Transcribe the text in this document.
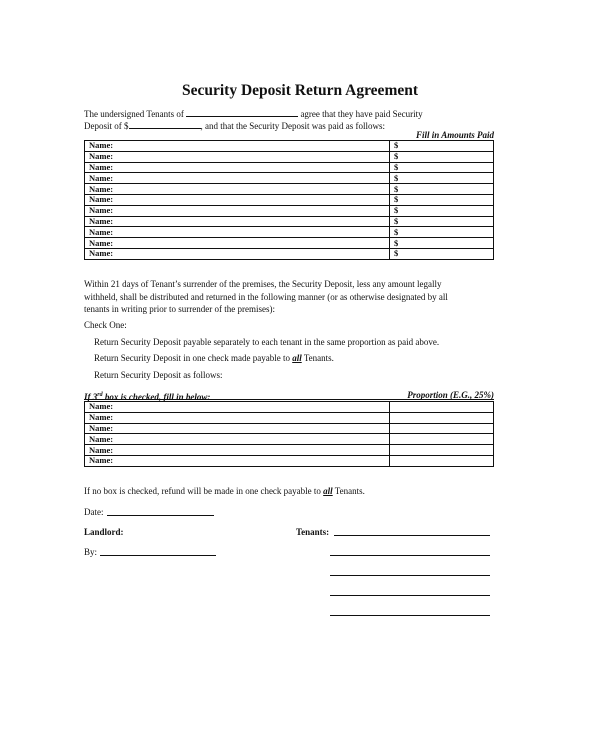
Security Deposit Return Agreement
The undersigned Tenants of	agree that they have paid Security
Deposit of $	, and that the Security Deposit was paid as follows:
Fill in Amounts Paid
Name:	$
Name:	$
Name:	$
Name:	$
Name:	$
Name:	$
Name:	$
Name:	$
Name:	$
Name:	$
Name:	$
Within 21 days of Tenant’s surrender of the premises, the Security Deposit, less any amount legally
withheld, shall be distributed and returned in the following manner (or as otherwise designated by all
tenants in writing prior to surrender of the premises):
Check One:
Return Security Deposit payable separately to each tenant in the same proportion as paid above.
Return Security Deposit in one check made payable to all Tenants.
Return Security Deposit as follows:
If 3rd box is checked, fill in below:	Proportion (E.G., 25%)
Name:	
Name:	
Name:	
Name:	
Name:	
Name:	
If no box is checked, refund will be made in one check payable to all Tenants.
Date:
Landlord:	Tenants:
By:
